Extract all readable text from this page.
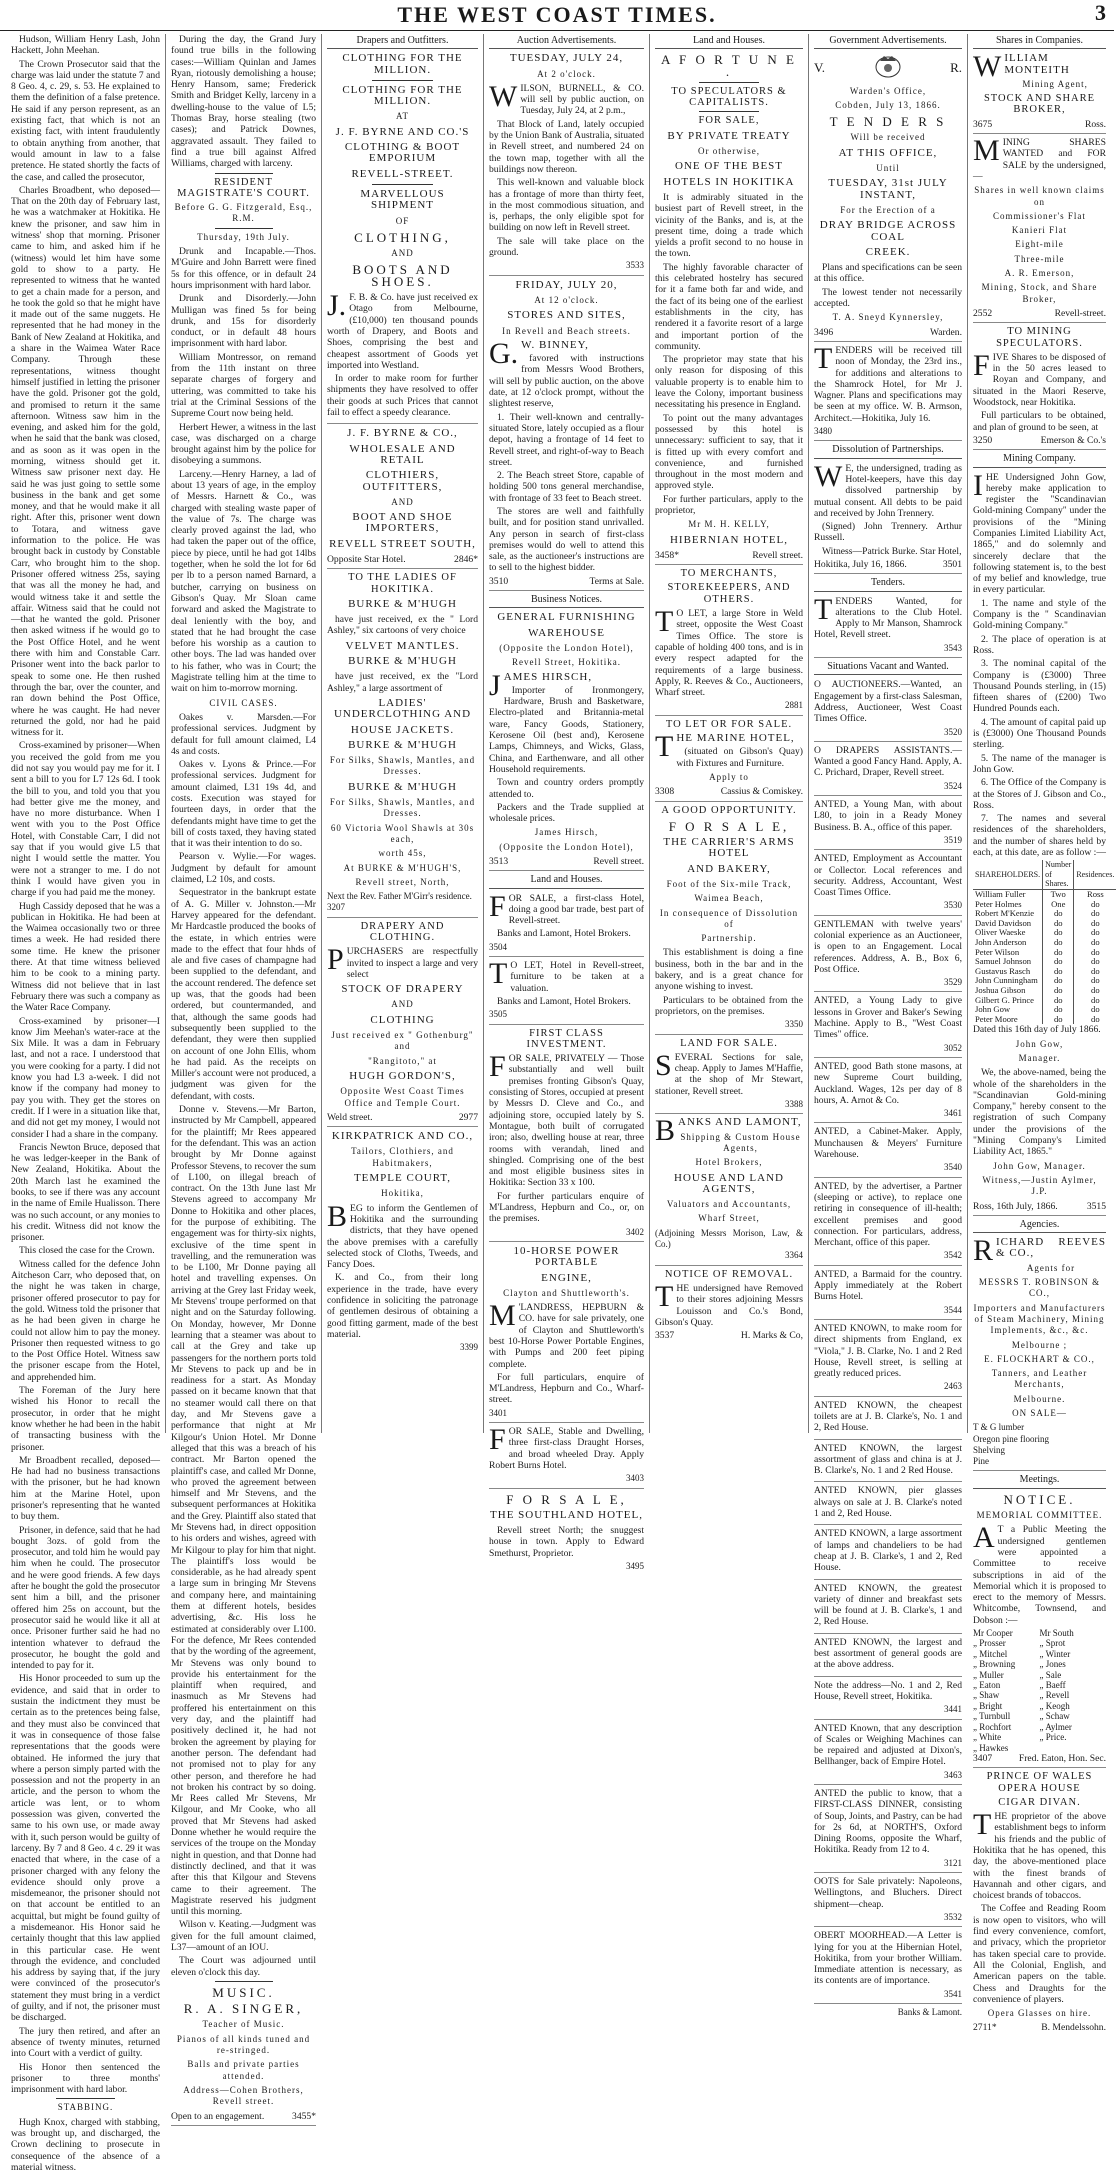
THE WEST COAST TIMES.	3

Hudson, William Henry Lash, John Hackett, John Meehan.

The Crown Prosecutor said that the charge was laid under the statute 7 and 8 Geo. 4, c. 29, s. 53. He explained to them the definition of a false pretence. He said if any person represent, as an existing fact, that which is not an existing fact, with intent fraudulently to obtain anything from another, that would amount in law to a false pretence. He stated shortly the facts of the case, and called the prosecutor,

Charles Broadbent, who deposed—That on the 20th day of February last, he was a watchmaker at Hokitika. He knew the prisoner, and saw him in witness' shop that morning. Prisoner came to him, and asked him if he (witness) would let him have some gold to show to a party. He represented to witness that he wanted to get a chain made for a person, and he took the gold so that he might have it made out of the same nuggets. He represented that he had money in the Bank of New Zealand at Hokitika, and a share in the Waimea Water Race Company. Through these representations, witness thought himself justified in letting the prisoner have the gold. Prisoner got the gold, and promised to return it the same afternoon. Witness saw him in the evening, and asked him for the gold, when he said that the bank was closed, and as soon as it was open in the morning, witness should get it. Witness saw prisoner next day. He said he was just going to settle some business in the bank and get some money, and that he would make it all right. After this, prisoner went down to Totara, and witness gave information to the police. He was brought back in custody by Constable Carr, who brought him to the shop. Prisoner offered witness 25s, saying that was all the money he had, and would witness take it and settle the affair. Witness said that he could not—that he wanted the gold. Prisoner then asked witness if he would go to the Post Office Hotel, and he went there with him and Constable Carr. Prisoner went into the back parlor to speak to some one. He then rushed through the bar, over the counter, and ran down behind the Post Office, where he was caught. He had never returned the gold, nor had he paid witness for it.

Cross-examined by prisoner—When you received the gold from me you did not say you would pay me for it. I sent a bill to you for L7 12s 6d. I took the bill to you, and told you that you had better give me the money, and have no more disturbance. When I went with you to the Post Office Hotel, with Constable Carr, I did not say that if you would give L5 that night I would settle the matter. You were not a stranger to me. I do not think I would have given you in charge if you had paid me the money.

Hugh Cassidy deposed that he was a publican in Hokitika. He had been at the Waimea occasionally two or three times a week. He had resided there some time. He knew the prisoner there. At that time witness believed him to be cook to a mining party. Witness did not believe that in last February there was such a company as the Water Race Company.

Cross-examined by prisoner—I know Jim Meehan's water-race at the Six Mile. It was a dam in February last, and not a race. I understood that you were cooking for a party. I did not know you had L3 a-week. I did not know if the company had money to pay you with. They get the stores on credit. If I were in a situation like that, and did not get my money, I would not consider I had a share in the company.

Francis Newton Bruce, deposed that he was ledger-keeper in the Bank of New Zealand, Hokitika. About the 20th March last he examined the books, to see if there was any account in the name of Emile Hualisson. There was no such account, or any monies to his credit. Witness did not know the prisoner.

This closed the case for the Crown.

Witness called for the defence John Aitcheson Carr, who deposed that, on the night he was taken in charge, prisoner offered prosecutor to pay for the gold. Witness told the prisoner that as he had been given in charge he could not allow him to pay the money. Prisoner then requested witness to go to the Post Office Hotel. Witness saw the prisoner escape from the Hotel, and apprehended him.

The Foreman of the Jury here wished his Honor to recall the prosecutor, in order that he might know whether he had been in the habit of transacting business with the prisoner.

Mr Broadbent recalled, deposed—He had had no business transactions with the prisoner, but he had known him at the Marine Hotel, upon prisoner's representing that he wanted to buy them.

Prisoner, in defence, said that he had bought 3ozs. of gold from the prosecutor, and told him he would pay him when he could. The prosecutor and he were good friends. A few days after he bought the gold the prosecutor sent him a bill, and the prisoner offered him 25s on account, but the prosecutor said he would like it all at once. Prisoner further said he had no intention whatever to defraud the prosecutor, he bought the gold and intended to pay for it.

His Honor proceeded to sum up the evidence, and said that in order to sustain the indictment they must be certain as to the pretences being false, and they must also be convinced that it was in consequence of those false representations that the goods were obtained. He informed the jury that where a person simply parted with the possession and not the property in an article, and the person to whom the article was lent, or to whom possession was given, converted the same to his own use, or made away with it, such person would be guilty of larceny. By 7 and 8 Geo. 4 c. 29 it was enacted that where, in the case of a prisoner charged with any felony the evidence should only prove a misdemeanor, the prisoner should not on that account be entitled to an acquittal, but might be found guilty of a misdemeanor. His Honor said he certainly thought that this law applied in this particular case. He went through the evidence, and concluded his address by saying that, if the jury were convinced of the prosecutor's statement they must bring in a verdict of guilty, and if not, the prisoner must be discharged.

The jury then retired, and after an absence of twenty minutes, returned into Court with a verdict of guilty.

His Honor then sentenced the prisoner to three months' imprisonment with hard labor.

STABBING.

Hugh Knox, charged with stabbing, was brought up, and discharged, the Crown declining to prosecute in consequence of the absence of a material witness.

During the day, the Grand Jury found true bills in the following cases:—William Quinlan and James Ryan, riotously demolishing a house; Henry Hansom, same; Frederick Smith and Bridget Kelly, larceny in a dwelling-house to the value of L5; Thomas Bray, horse stealing (two cases); and Patrick Downes, aggravated assault. They failed to find a true bill against Alfred Williams, charged with larceny.

RESIDENT MAGISTRATE'S COURT.
Before G. G. Fitzgerald, Esq., R.M.
Thursday, 19th July.

Drunk and Incapable.—Thos. M'Guire and John Barrett were fined 5s for this offence, or in default 24 hours imprisonment with hard labor.

Drunk and Disorderly.—John Mulligan was fined 5s for being drunk, and 15s for disorderly conduct, or in default 48 hours imprisonment with hard labor.

William Montressor, on remand from the 11th instant on three separate charges of forgery and uttering, was committed to take his trial at the Criminal Sessions of the Supreme Court now being held.

Herbert Hewer, a witness in the last case, was discharged on a charge brought against him by the police for disobeying a summons.

Larceny.—Henry Harney, a lad of about 13 years of age, in the employ of Messrs. Harnett & Co., was charged with stealing waste paper of the value of 7s. The charge was clearly proved against the lad, who had taken the paper out of the office, piece by piece, until he had got 14lbs together, when he sold the lot for 6d per lb to a person named Barnard, a butcher, carrying on business on Gibson's Quay. Mr Sloan came forward and asked the Magistrate to deal leniently with the boy, and stated that he had brought the case before his worship as a caution to other boys. The lad was handed over to his father, who was in Court; the Magistrate telling him at the time to wait on him to-morrow morning.

CIVIL CASES.

Oakes v. Marsden.—For professional services. Judgment by default for full amount claimed, L4 4s and costs.

Oakes v. Lyons & Prince.—For professional services. Judgment for amount claimed, L31 19s 4d, and costs. Execution was stayed for fourteen days, in order that the defendants might have time to get the bill of costs taxed, they having stated that it was their intention to do so.

Pearson v. Wylie.—For wages. Judgment by default for amount claimed, L2 10s, and costs.

Sequestrator in the bankrupt estate of A. G. Miller v. Johnston.—Mr Harvey appeared for the defendant. Mr Hardcastle produced the books of the estate, in which entries were made to the effect that four hhds of ale and five cases of champagne had been supplied to the defendant, and the account rendered. The defence set up was, that the goods had been ordered, but countermanded, and that, although the same goods had subsequently been supplied to the defendant, they were then supplied on account of one John Ellis, whom he had paid. As the receipts on Miller's account were not produced, a judgment was given for the defendant, with costs.

Donne v. Stevens.—Mr Barton, instructed by Mr Campbell, appeared for the plaintiff; Mr Rees appeared for the defendant. This was an action brought by Mr Donne against Professor Stevens, to recover the sum of L100, on illegal breach of contract. On the 13th June last Mr Stevens agreed to accompany Mr Donne to Hokitika and other places, for the purpose of exhibiting. The engagement was for thirty-six nights, exclusive of the time spent in travelling, and the remuneration was to be L100, Mr Donne paying all hotel and travelling expenses. On arriving at the Grey last Friday week, Mr Stevens' troupe performed on that night and on the Saturday following. On Monday, however, Mr Donne learning that a steamer was about to call at the Grey and take up passengers for the northern ports told Mr Stevens to pack up and be in readiness for a start. As Monday passed on it became known that that no steamer would call there on that day, and Mr Stevens gave a performance that night at Mr Kilgour's Union Hotel. Mr Donne alleged that this was a breach of his contract. Mr Barton opened the plaintiff's case, and called Mr Donne, who proved the agreement between himself and Mr Stevens, and the subsequent performances at Hokitika and the Grey. Plaintiff also stated that Mr Stevens had, in direct opposition to his orders and wishes, agreed with Mr Kilgour to play for him that night. The plaintiff's loss would be considerable, as he had already spent a large sum in bringing Mr Stevens and company here, and maintaining them at different hotels, besides advertising, &c. His loss he estimated at considerably over L100. For the defence, Mr Rees contended that by the wording of the agreement, Mr Stevens was only bound to provide his entertainment for the plaintiff when required, and inasmuch as Mr Stevens had proffered his entertainment on this very day, and the plaintiff had positively declined it, he had not broken the agreement by playing for another person. The defendant had not promised not to play for any other person, and therefore he had not broken his contract by so doing. Mr Rees called Mr Stevens, Mr Kilgour, and Mr Cooke, who all proved that Mr Stevens had asked Donne whether he would require the services of the troupe on the Monday night in question, and that Donne had distinctly declined, and that it was after this that Kilgour and Stevens came to their agreement. The Magistrate reserved his judgment until this morning.

Wilson v. Keating.—Judgment was given for the full amount claimed, L37—amount of an IOU.

The Court was adjourned until eleven o'clock this day.

MUSIC.
R. A. SINGER,
Teacher of Music.
Pianos of all kinds tuned and re-stringed.
Balls and private parties attended.
Address—Cohen Brothers, Revell street.
Open to an engagement.	3455*
Drapers and Outfitters.
CLOTHING FOR THE MILLION.
CLOTHING FOR THE MILLION.
AT
J. F. BYRNE AND CO.'S
CLOTHING & BOOT EMPORIUM
REVELL-STREET.
MARVELLOUS SHIPMENT
OF
CLOTHING,
AND
BOOTS AND SHOES.

J. F. B. & Co. have just received ex Otago from Melbourne, (£10,000) ten thousand pounds worth of Drapery, and Boots and Shoes, comprising the best and cheapest assortment of Goods yet imported into Westland.

In order to make room for further shipments they have resolved to offer their goods at such Prices that cannot fail to effect a speedy clearance.

J. F. BYRNE & CO.,
WHOLESALE AND RETAIL
CLOTHIERS, OUTFITTERS,
AND
BOOT AND SHOE IMPORTERS,
REVELL STREET SOUTH,
Opposite Star Hotel.	2846*
TO THE LADIES OF HOKITIKA.
BURKE & M'HUGH

have just received, ex the " Lord Ashley," six cartoons of very choice

VELVET MANTLES.
BURKE & M'HUGH

have just received, ex the "Lord Ashley," a large assortment of

LADIES' UNDERCLOTHING AND
HOUSE JACKETS.
BURKE & M'HUGH
For Silks, Shawls, Mantles, and Dresses.
BURKE & M'HUGH
For Silks, Shawls, Mantles, and Dresses.
60 Victoria Wool Shawls at 30s each,
worth 45s,
At BURKE & M'HUGH'S,
Revell street, North,
Next the Rev. Father M'Girr's residence.
3207
DRAPERY AND CLOTHING.

PURCHASERS are respectfully invited to inspect a large and very select

STOCK OF DRAPERY
AND
CLOTHING
Just received ex " Gothenburg" and
"Rangitoto," at
HUGH GORDON'S,
Opposite West Coast Times Office and Temple Court.
Weld street.	2977
KIRKPATRICK AND CO.,
Tailors, Clothiers, and Habitmakers,
TEMPLE COURT,
Hokitika,

BEG to inform the Gentlemen of Hokitika and the surrounding districts, that they have opened the above premises with a carefully selected stock of Cloths, Tweeds, and Fancy Does.

K. and Co., from their long experience in the trade, have every confidence in soliciting the patronage of gentlemen desirous of obtaining a good fitting garment, made of the best material.

3399
Auction Advertisements.
TUESDAY, JULY 24,
At 2 o'clock.

WILSON, BURNELL, & CO. will sell by public auction, on Tuesday, July 24, at 2 p.m.,

That Block of Land, lately occupied by the Union Bank of Australia, situated in Revell street, and numbered 24 on the town map, together with all the buildings now thereon.

This well-known and valuable block has a frontage of more than thirty feet, in the most commodious situation, and is, perhaps, the only eligible spot for building on now left in Revell street.

The sale will take place on the ground.

3533
FRIDAY, JULY 20,
At 12 o'clock.
STORES AND SITES,
In Revell and Beach streets.

G. W. BINNEY,

favored with instructions from Messrs Wood Brothers, will sell by public auction, on the above date, at 12 o'clock prompt, without the slightest reserve,

1. Their well-known and centrally-situated Store, lately occupied as a flour depot, having a frontage of 14 feet to Revell street, and right-of-way to Beach street.

2. The Beach street Store, capable of holding 500 tons general merchandise, with frontage of 33 feet to Beach street.

The stores are well and faithfully built, and for position stand unrivalled. Any person in search of first-class premises would do well to attend this sale, as the auctioneer's instructions are to sell to the highest bidder.

3510	Terms at Sale.
Business Notices.
GENERAL FURNISHING
WAREHOUSE
(Opposite the London Hotel),
Revell Street, Hokitika.

JAMES HIRSCH,

Importer of Ironmongery, Hardware, Brush and Basketware, Electro-plated and Britannia-metal ware, Fancy Goods, Stationery, Kerosene Oil (best and), Kerosene Lamps, Chimneys, and Wicks, Glass, China, and Earthenware, and all other Household requirements.

Town and country orders promptly attended to.

Packers and the Trade supplied at wholesale prices.

James Hirsch,
(Opposite the London Hotel),
3513	Revell street.
Land and Houses.

FOR SALE, a first-class Hotel, doing a good bar trade, best part of Revell-street.

Banks and Lamont, Hotel Brokers.

3504

T O LET, Hotel in Revell-street, furniture to be taken at a valuation.

Banks and Lamont, Hotel Brokers.

3505
FIRST CLASS INVESTMENT.

FOR SALE, PRIVATELY — Those substantially and well built premises fronting Gibson's Quay, consisting of Stores, occupied at present by Messrs D. Cleve and Co., and adjoining store, occupied lately by S. Montague, both built of corrugated iron; also, dwelling house at rear, three rooms with verandah, lined and shingled. Comprising one of the best and most eligible business sites in Hokitika: Section 33 x 100.

For further particulars enquire of M'Landress, Hepburn and Co., or, on the premises.

3402
10-HORSE POWER PORTABLE
ENGINE,
Clayton and Shuttleworth's.

M 'LANDRESS, HEPBURN & CO. have for sale privately, one of Clayton and Shuttleworth's best 10-Horse Power Portable Engines, with Pumps and 200 feet piping complete.

For full particulars, enquire of M'Landress, Hepburn and Co., Wharf-street.

3401

FOR SALE, Stable and Dwelling, three first-class Draught Horses, and broad wheeled Dray. Apply Robert Burns Hotel.

3403
F O R S A L E,
THE SOUTHLAND HOTEL,

Revell street North; the snuggest house in town. Apply to Edward Smethurst, Proprietor.

3495
Land and Houses.
A F O R T U N E .
TO SPECULATORS & CAPITALISTS.
FOR SALE,
BY PRIVATE TREATY
Or otherwise,
ONE OF THE BEST
HOTELS IN HOKITIKA

It is admirably situated in the busiest part of Revell street, in the vicinity of the Banks, and is, at the present time, doing a trade which yields a profit second to no house in the town.

The highly favorable character of this celebrated hostelry has secured for it a fame both far and wide, and the fact of its being one of the earliest establishments in the city, has rendered it a favorite resort of a large and important portion of the community.

The proprietor may state that his only reason for disposing of this valuable property is to enable him to leave the Colony, important business necessitating his presence in England.

To point out the many advantages possessed by this hotel is unnecessary: sufficient to say, that it is fitted up with every comfort and convenience, and furnished throughout in the most modern and approved style.

For further particulars, apply to the proprietor,

Mr M. H. KELLY,
HIBERNIAN HOTEL,
3458*	Revell street.
TO MERCHANTS,
STOREKEEPERS, AND OTHERS.

T O LET, a large Store in Weld street, opposite the West Coast Times Office. The store is capable of holding 400 tons, and is in every respect adapted for the requirements of a large business. Apply, R. Reeves & Co., Auctioneers, Wharf street.

2881
TO LET OR FOR SALE.

THE MARINE HOTEL,

(situated on Gibson's Quay) with Fixtures and Furniture.

Apply to
3308	Cassius & Comiskey.
A GOOD OPPORTUNITY.
F O R S A L E,
THE CARRIER'S ARMS HOTEL
AND BAKERY,
Foot of the Six-mile Track,
Waimea Beach,
In consequence of Dissolution of
Partnership.

This establishment is doing a fine business, both in the bar and in the bakery, and is a great chance for anyone wishing to invest.

Particulars to be obtained from the proprietors, on the premises.

3350
LAND FOR SALE.

SEVERAL Sections for sale, cheap. Apply to James M'Haffie, at the shop of Mr Stewart, stationer, Revell street.

3388

BANKS AND LAMONT,

Shipping & Custom House Agents,
Hotel Brokers,
HOUSE AND LAND AGENTS,
Valuators and Accountants,
Wharf Street,
(Adjoining Messrs Morison, Law, & Co.)
3364
NOTICE OF REMOVAL.

THE undersigned have Removed to their stores adjoining Messrs Louisson and Co.'s Bond, Gibson's Quay.

3537	H. Marks & Co,
Government Advertisements.
V.	R.
Warden's Office,
Cobden, July 13, 1866.
T E N D E R S
Will be received
AT THIS OFFICE,
Until
TUESDAY, 31st JULY INSTANT,
For the Erection of a
DRAY BRIDGE ACROSS COAL
CREEK.

Plans and specifications can be seen at this office.

The lowest tender not necessarily accepted.

T. A. Sneyd Kynnersley,
3496	Warden.

TENDERS will be received till noon of Monday, the 23rd ins., for additions and alterations to the Shamrock Hotel, for Mr J. Wagner. Plans and specifications may be seen at my office. W. B. Armson, Architect.—Hokitika, July 16.

3480
Dissolution of Partnerships.

W E, the undersigned, trading as Hotel-keepers, have this day dissolved partnership by mutual consent. All debts to be paid and received by John Trennery.

(Signed) John Trennery. Arthur Russell.

Witness—Patrick Burke. Star Hotel,

Hokitika, July 16, 1866.	3501
Tenders.

TENDERS Wanted, for alterations to the Club Hotel. Apply to Mr Manson, Shamrock Hotel, Revell street.

3543
Situations Vacant and Wanted.

O AUCTIONEERS.—Wanted, an Engagement by a first-class Salesman, Address, Auctioneer, West Coast Times Office.

3520

O DRAPERS ASSISTANTS.—Wanted a good Fancy Hand. Apply, A. C. Prichard, Draper, Revell street.

3524

ANTED, a Young Man, with about L80, to join in a Ready Money Business. B. A., office of this paper.

3519

ANTED, Employment as Accountant or Collector. Local references and security. Address, Accountant, West Coast Times Office.

3530

GENTLEMAN with twelve years' colonial experience as an Auctioneer, is open to an Engagement. Local references. Address, A. B., Box 6, Post Office.

3529

ANTED, a Young Lady to give lessons in Grover and Baker's Sewing Machine. Apply to B., "West Coast Times" office.

3052

ANTED, good Bath stone masons, at new Supreme Court building, Auckland. Wages, 12s per day of 8 hours, A. Arnot & Co.

3461

ANTED, a Cabinet-Maker. Apply, Munchausen & Meyers' Furniture Warehouse.

3540

ANTED, by the advertiser, a Partner (sleeping or active), to replace one retiring in consequence of ill-health; excellent premises and good connection. For particulars, address, Merchant, office of this paper.

3542

ANTED, a Barmaid for the country. Apply immediately at the Robert Burns Hotel.

3544

ANTED KNOWN, to make room for direct shipments from England, ex "Viola," J. B. Clarke, No. 1 and 2 Red House, Revell street, is selling at greatly reduced prices.

2463

ANTED KNOWN, the cheapest toilets are at J. B. Clarke's, No. 1 and 2, Red House.

ANTED KNOWN, the largest assortment of glass and china is at J. B. Clarke's, No. 1 and 2 Red House.

ANTED KNOWN, pier glasses always on sale at J. B. Clarke's noted 1 and 2, Red House.

ANTED KNOWN, a large assortment of lamps and chandeliers to be had cheap at J. B. Clarke's, 1 and 2, Red House.

ANTED KNOWN, the greatest variety of dinner and breakfast sets will be found at J. B. Clarke's, 1 and 2, Red House.

ANTED KNOWN, the largest and best assortment of general goods are at the above address.

Note the address—No. 1 and 2, Red House, Revell street, Hokitika.

3441

ANTED Known, that any description of Scales or Weighing Machines can be repaired and adjusted at Dixon's, Bellhanger, back of Empire Hotel.

3463

ANTED the public to know, that a FIRST-CLASS DINNER, consisting of Soup, Joints, and Pastry, can be had for 2s 6d, at NORTH'S, Oxford Dining Rooms, opposite the Wharf, Hokitika. Ready from 12 to 4.

3121

OOTS for Sale privately: Napoleons, Wellingtons, and Bluchers. Direct shipment—cheap.

3532

OBERT MOORHEAD.—A Letter is lying for you at the Hibernian Hotel, Hokitika, from your brother William. Immediate attention is necessary, as its contents are of importance.

3541
Banks & Lamont.
Shares in Companies.

WILLIAM MONTEITH

Mining Agent,
STOCK AND SHARE BROKER,
3675	Ross.

MINING SHARES WANTED and FOR SALE by the undersigned,—

Shares in well known claims on
Commissioner's Flat
Kanieri Flat
Eight-mile
Three-mile
A. R. Emerson,
Mining, Stock, and Share Broker,
2552	Revell-street.
TO MINING SPECULATORS.

FIVE Shares to be disposed of in the 50 acres leased to Royan and Company, and situated in the Maori Reserve, Woodstock, near Hokitika.

Full particulars to be obtained, and plan of ground to be seen, at

3250	Emerson & Co.'s
Mining Company.

IHE Undersigned John Gow, hereby make application to register the "Scandinavian Gold-mining Company" under the provisions of the "Mining Companies Limited Liability Act, 1865," and do solemnly and sincerely declare that the following statement is, to the best of my belief and knowledge, true in every particular.

1. The name and style of the Company is the " Scandinavian Gold-mining Company."

2. The place of operation is at Ross.

3. The nominal capital of the Company is (£3000) Three Thousand Pounds sterling, in (15) fifteen shares of (£200) Two Hundred Pounds each.

4. The amount of capital paid up is (£3000) One Thousand Pounds sterling.

5. The name of the manager is John Gow.

6. The Office of the Company is at the Stores of J. Gibson and Co., Ross.

7. The names and several residences of the shareholders, and the number of shares held by each, at this date, are as follow :—

SHAREHOLDERS.	Number of Shares.	Residences.
William Fuller	Two	Ross
Peter Holmes	One	do
Robert M'Kenzie	do	do
David Davidson	do	do
Oliver Waeske	do	do
John Anderson	do	do
Peter Wilson	do	do
Samuel Johnson	do	do
Gustavus Rasch	do	do
John Cunningham	do	do
Joshua Gibson	do	do
Gilbert G. Prince	do	do
John Gow	do	do
Peter Moore	do	do

Dated this 16th day of July 1866.

John Gow,
Manager.

We, the above-named, being the whole of the shareholders in the "Scandinavian Gold-mining Company," hereby consent to the registration of such Company under the provisions of the "Mining Company's Limited Liability Act, 1865."

John Gow, Manager.
Witness,—Justin Aylmer, J.P.
Ross, 16th July, 1866.	3515
Agencies.

RICHARD REEVES & CO.,

Agents for
MESSRS T. ROBINSON & CO.,
Importers and Manufacturers of Steam Machinery, Mining Implements, &c., &c.
Melbourne ;
E. FLOCKHART & CO.,
Tanners, and Leather Merchants,
Melbourne.
ON SALE—
T & G lumber
Oregon pine flooring
Shelving
Pine
Meetings.
NOTICE.
MEMORIAL COMMITTEE.

A T a Public Meeting the undersigned gentlemen were appointed a Committee to receive subscriptions in aid of the Memorial which it is proposed to erect to the memory of Messrs. Whitcombe, Townsend, and Dobson :—

Mr Cooper
„ Prosser
„ Mitchel
„ Browning
„ Muller
„ Eaton
„ Shaw
„ Bright
„ Turnbull
„ Rochfort
„ White
„ Hawkes
Mr South
„ Sprot
„ Winter
„ Jones
„ Sale
„ Baeff
„ Revell
„ Keogh
„ Schaw
„ Aylmer
„ Price.
3407	Fred. Eaton, Hon. Sec.
PRINCE OF WALES OPERA HOUSE
CIGAR DIVAN.

THE proprietor of the above establishment begs to inform his friends and the public of Hokitika that he has opened, this day, the above-mentioned place with the finest brands of Havannah and other cigars, and choicest brands of tobaccos.

The Coffee and Reading Room is now open to visitors, who will find every convenience, comfort, and privacy, which the proprietor has taken special care to provide. All the Colonial, English, and American papers on the table. Chess and Draughts for the convenience of players.

Opera Glasses on hire.
2711*	B. Mendelssohn.
